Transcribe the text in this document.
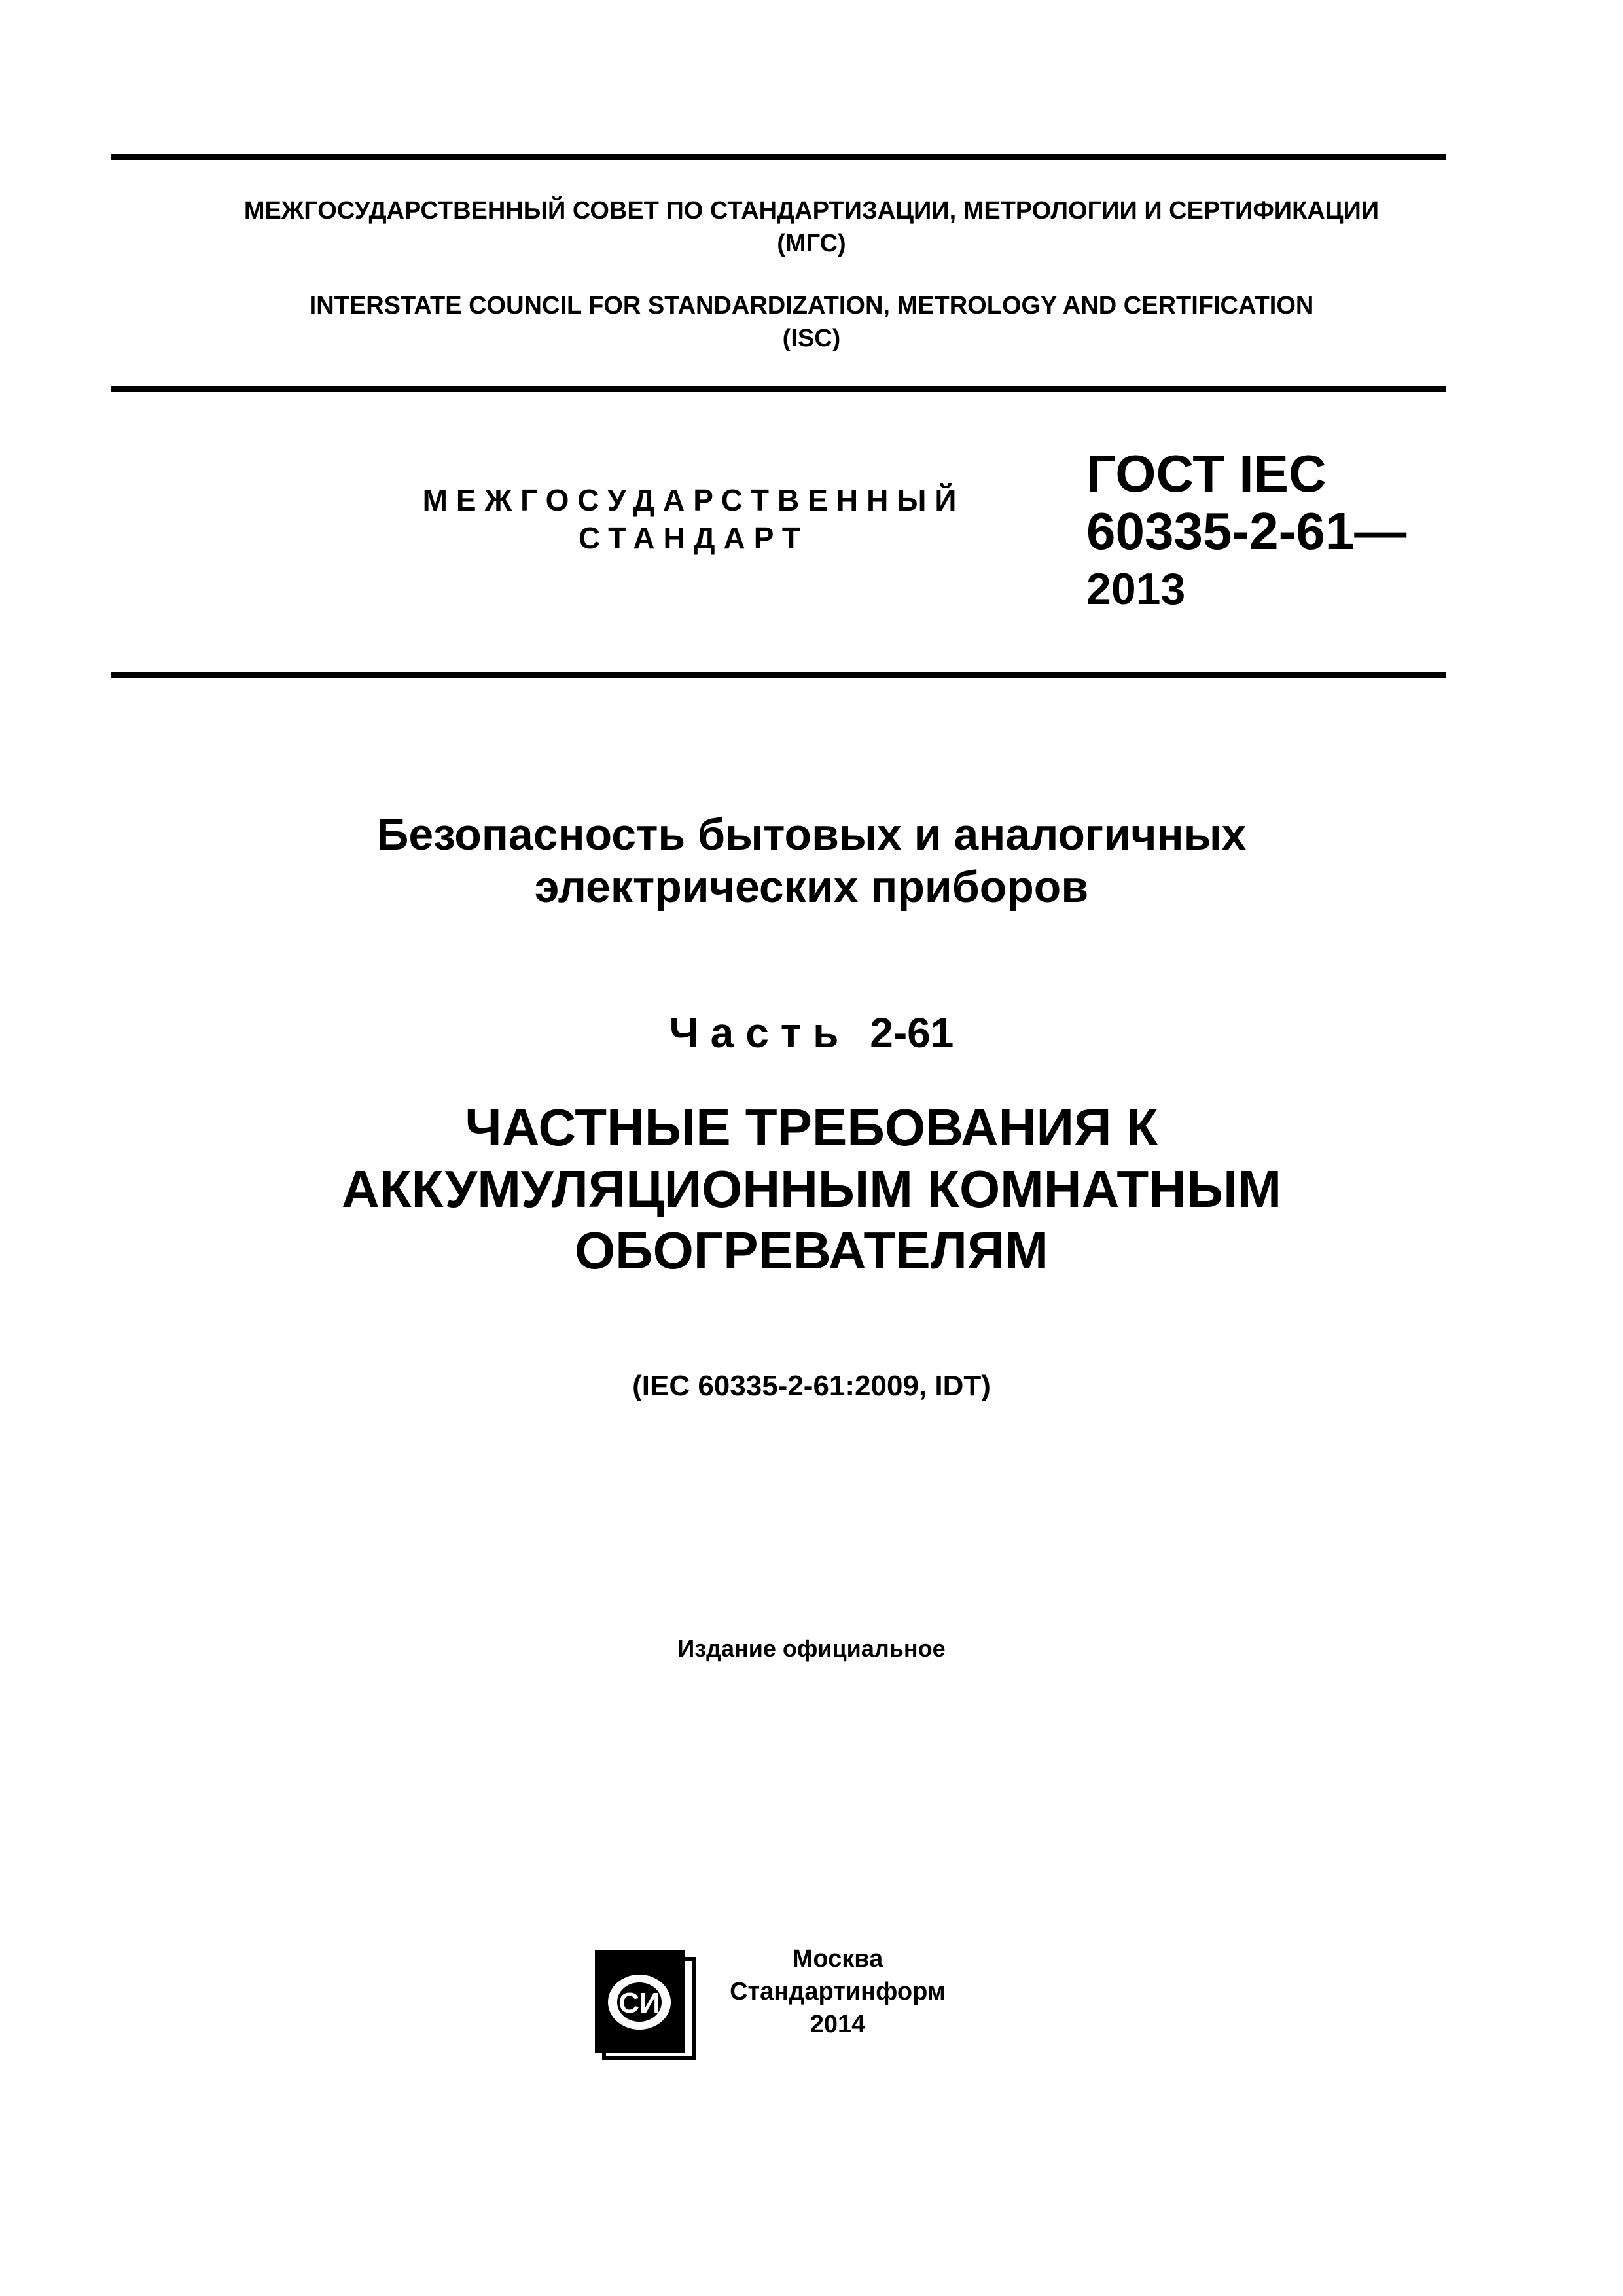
МЕЖГОСУДАРСТВЕННЫЙ СОВЕТ ПО СТАНДАРТИЗАЦИИ, МЕТРОЛОГИИ И СЕРТИФИКАЦИИ
(МГС)
INTERSTATE COUNCIL FOR STANDARDIZATION, METROLOGY AND CERTIFICATION
(ISC)
МЕЖГОСУДАРСТВЕННЫЙ
СТАНДАРТ
ГОСТ IEC
60335-2-61—
2013
Безопасность бытовых и аналогичных
электрических приборов
Часть 2-61
ЧАСТНЫЕ ТРЕБОВАНИЯ К
АККУМУЛЯЦИОННЫМ КОМНАТНЫМ
ОБОГРЕВАТЕЛЯМ
(IEC 60335-2-61:2009, IDT)
Издание официальное
СИ
Москва
Стандартинформ
2014
